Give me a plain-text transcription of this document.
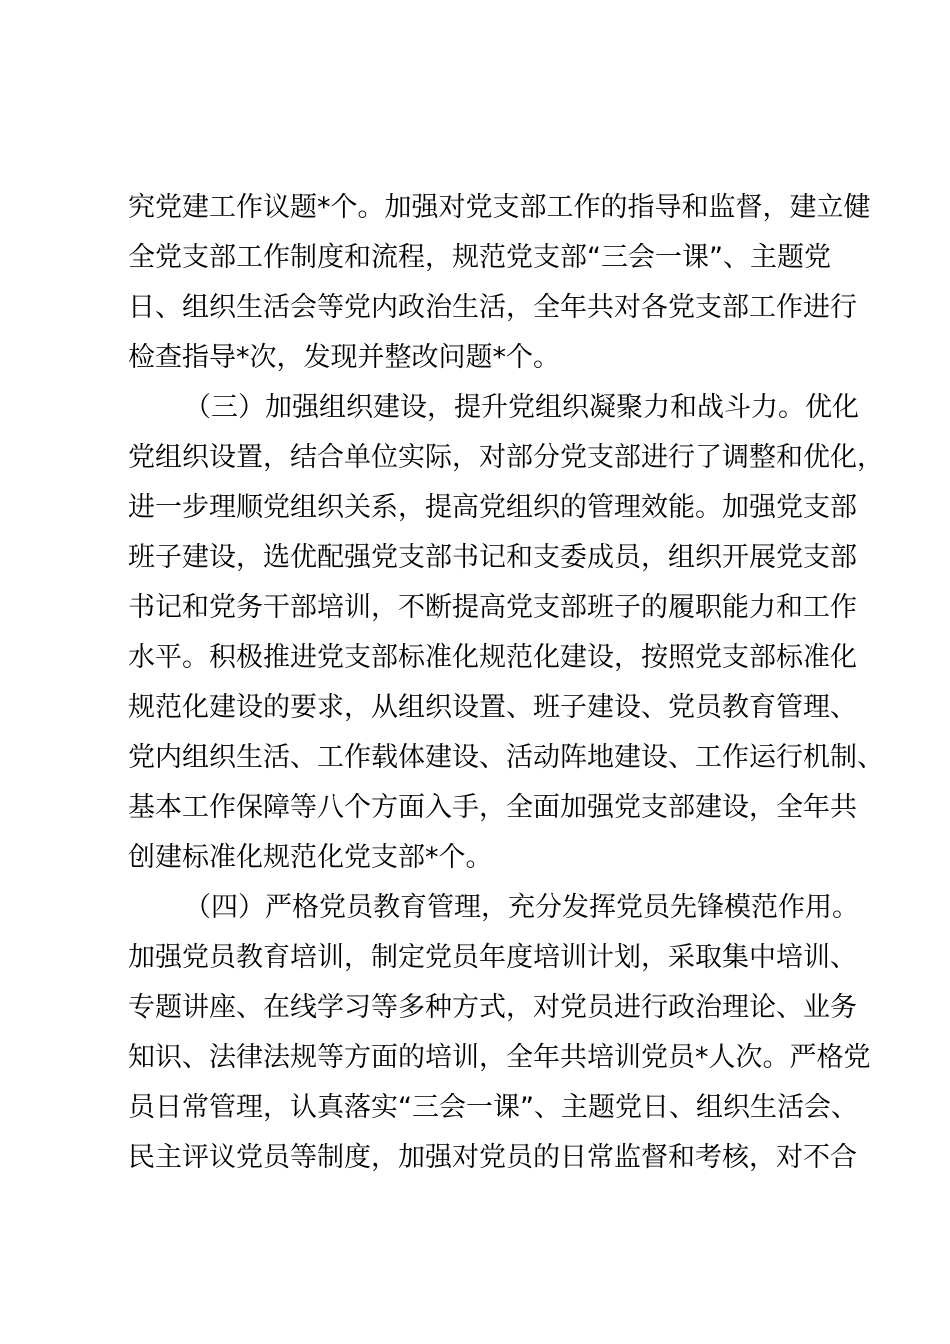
究党建工作议题*个。加强对党支部工作的指导和监督，建立健
全党支部工作制度和流程，规范党支部“三会一课”、主题党
日、组织生活会等党内政治生活，全年共对各党支部工作进行
检查指导*次，发现并整改问题*个。
（三）加强组织建设，提升党组织凝聚力和战斗力。优化
党组织设置，结合单位实际，对部分党支部进行了调整和优化，
进一步理顺党组织关系，提高党组织的管理效能。加强党支部
班子建设，选优配强党支部书记和支委成员，组织开展党支部
书记和党务干部培训，不断提高党支部班子的履职能力和工作
水平。积极推进党支部标准化规范化建设，按照党支部标准化
规范化建设的要求，从组织设置、班子建设、党员教育管理、
党内组织生活、工作载体建设、活动阵地建设、工作运行机制、
基本工作保障等八个方面入手，全面加强党支部建设，全年共
创建标准化规范化党支部*个。
（四）严格党员教育管理，充分发挥党员先锋模范作用。
加强党员教育培训，制定党员年度培训计划，采取集中培训、
专题讲座、在线学习等多种方式，对党员进行政治理论、业务
知识、法律法规等方面的培训，全年共培训党员*人次。严格党
员日常管理，认真落实“三会一课”、主题党日、组织生活会、
民主评议党员等制度，加强对党员的日常监督和考核，对不合
